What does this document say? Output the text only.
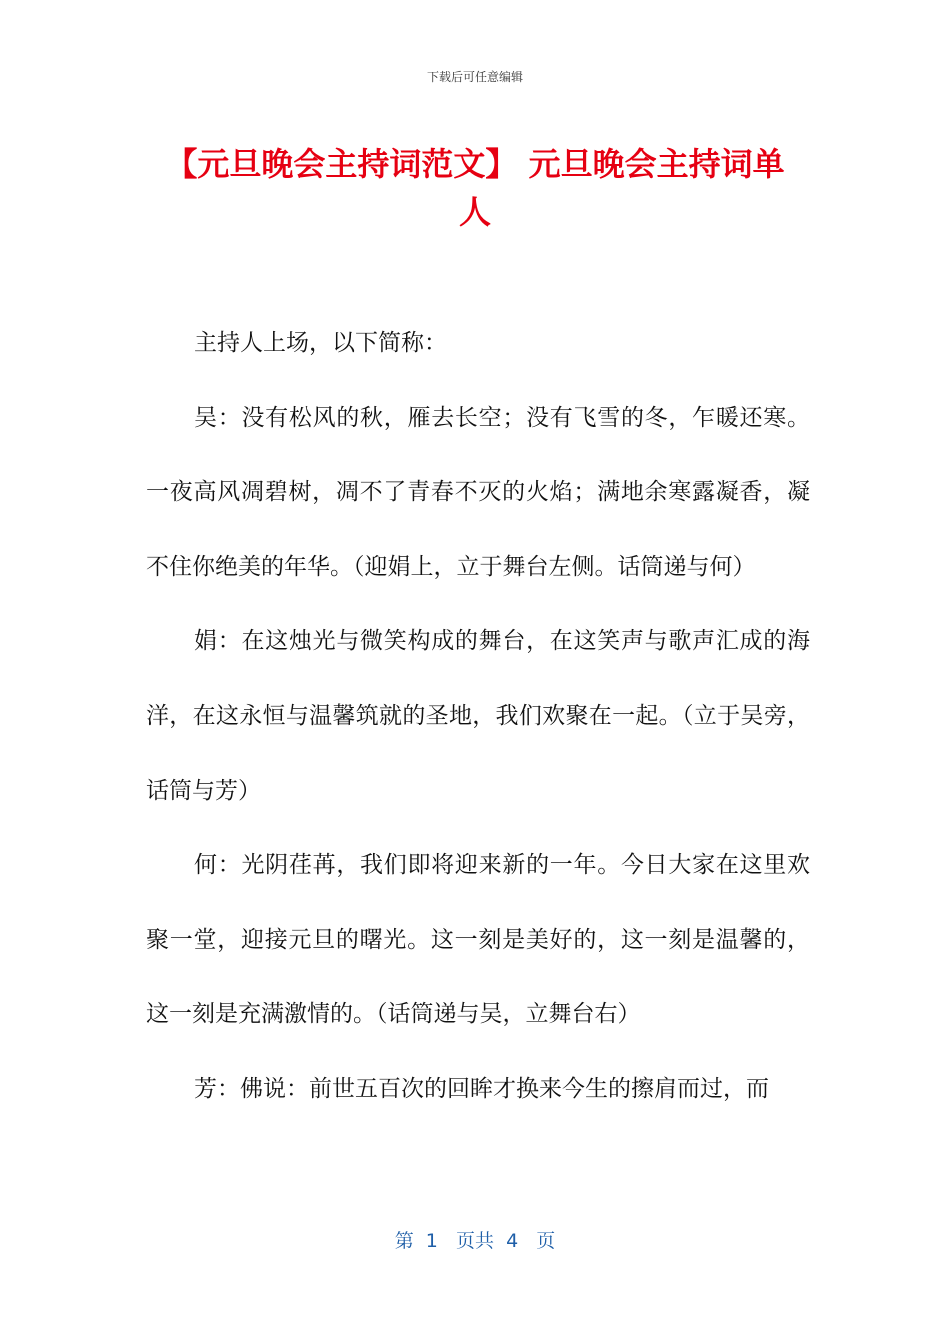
下载后可任意编辑
【元旦晚会主持词范文】 元旦晚会主持词单人

主持人上场，以下简称：

吴：没有松风的秋，雁去长空；没有飞雪的冬，乍暖还寒。一夜高风凋碧树，凋不了青春不灭的火焰；满地余寒露凝香，凝不住你绝美的年华。（迎娟上，立于舞台左侧。话筒递与何）

娟：在这烛光与微笑构成的舞台，在这笑声与歌声汇成的海洋，在这永恒与温馨筑就的圣地，我们欢聚在一起。（立于吴旁，话筒与芳）

何：光阴荏苒，我们即将迎来新的一年。今日大家在这里欢聚一堂，迎接元旦的曙光。这一刻是美好的，这一刻是温馨的，这一刻是充满激情的。（话筒递与吴，立舞台右）

芳：佛说：前世五百次的回眸才换来今生的擦肩而过，而

第  1   页共  4   页
